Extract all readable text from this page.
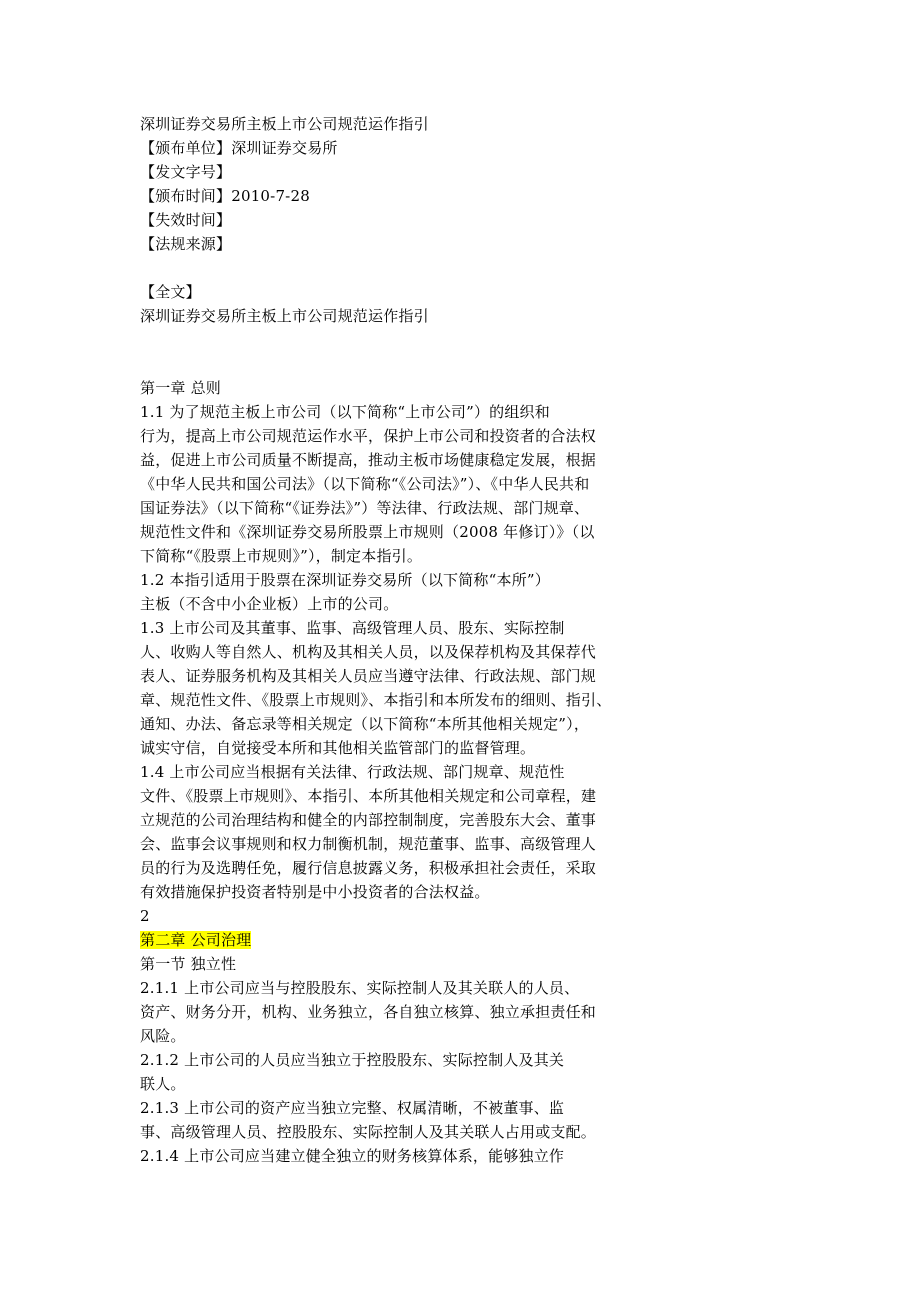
深圳证券交易所主板上市公司规范运作指引
【颁布单位】深圳证券交易所
【发文字号】
【颁布时间】2010-7-28
【失效时间】
【法规来源】
【全文】
深圳证券交易所主板上市公司规范运作指引
第一章 总则
1.1 为了规范主板上市公司（以下简称“上市公司”）的组织和
行为，提高上市公司规范运作水平，保护上市公司和投资者的合法权
益，促进上市公司质量不断提高，推动主板市场健康稳定发展，根据
《中华人民共和国公司法》（以下简称“《公司法》”）、《中华人民共和
国证券法》（以下简称“《证券法》”）等法律、行政法规、部门规章、
规范性文件和《深圳证券交易所股票上市规则（2008 年修订）》（以
下简称“《股票上市规则》”），制定本指引。
1.2 本指引适用于股票在深圳证券交易所（以下简称“本所”）
主板（不含中小企业板）上市的公司。
1.3 上市公司及其董事、监事、高级管理人员、股东、实际控制
人、收购人等自然人、机构及其相关人员，以及保荐机构及其保荐代
表人、证券服务机构及其相关人员应当遵守法律、行政法规、部门规
章、规范性文件、《股票上市规则》、本指引和本所发布的细则、指引、
通知、办法、备忘录等相关规定（以下简称“本所其他相关规定”），
诚实守信，自觉接受本所和其他相关监管部门的监督管理。
1.4 上市公司应当根据有关法律、行政法规、部门规章、规范性
文件、《股票上市规则》、本指引、本所其他相关规定和公司章程，建
立规范的公司治理结构和健全的内部控制制度，完善股东大会、董事
会、监事会议事规则和权力制衡机制，规范董事、监事、高级管理人
员的行为及选聘任免，履行信息披露义务，积极承担社会责任，采取
有效措施保护投资者特别是中小投资者的合法权益。
2
第二章 公司治理
第一节 独立性
2.1.1 上市公司应当与控股股东、实际控制人及其关联人的人员、
资产、财务分开，机构、业务独立，各自独立核算、独立承担责任和
风险。
2.1.2 上市公司的人员应当独立于控股股东、实际控制人及其关
联人。
2.1.3 上市公司的资产应当独立完整、权属清晰，不被董事、监
事、高级管理人员、控股股东、实际控制人及其关联人占用或支配。
2.1.4 上市公司应当建立健全独立的财务核算体系，能够独立作
